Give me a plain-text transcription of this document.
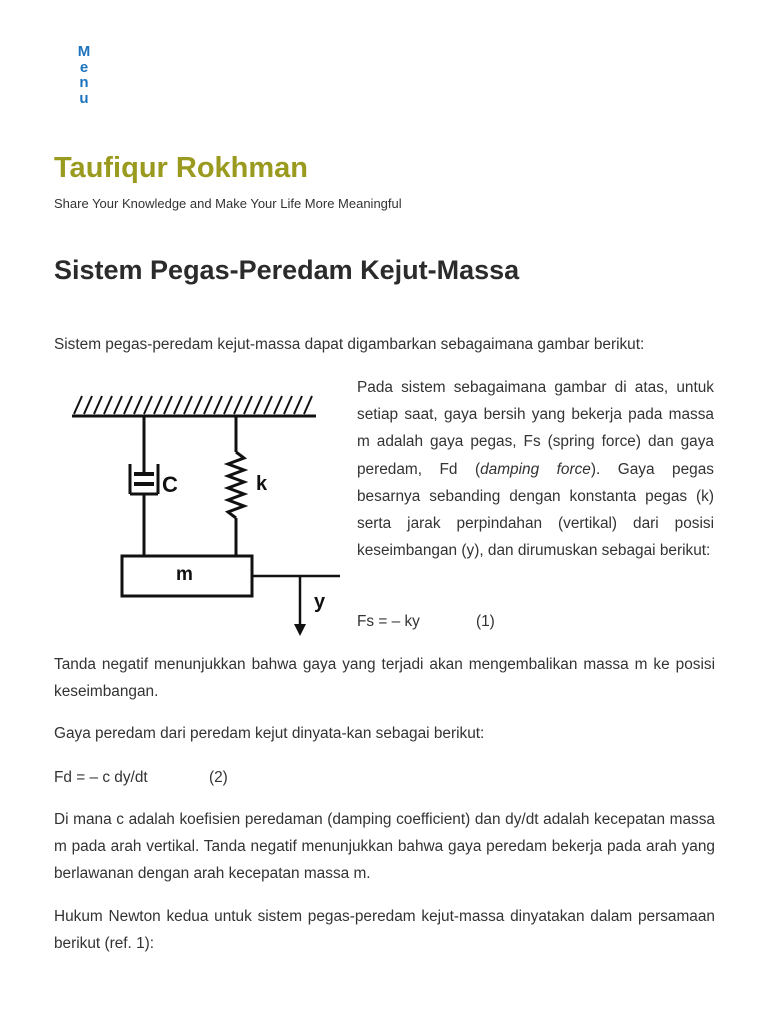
M
e
n
u
Taufiqur Rokhman

Share Your Knowledge and Make Your Life More Meaningful

Sistem Pegas-Peredam Kejut-Massa

Sistem pegas-peredam kejut-massa dapat digambarkan sebagaimana gambar berikut:

C	k
m
y

Pada sistem sebagaimana gambar di atas, untuk setiap saat, gaya bersih yang bekerja pada massa m adalah gaya pegas, Fs (spring force) dan gaya peredam, Fd (damping force). Gaya pegas besarnya sebanding dengan konstanta pegas (k) serta jarak perpindahan (vertikal) dari posisi keseimbangan (y), dan dirumuskan sebagai berikut:

Fs = – ky	(1)

Tanda negatif menunjukkan bahwa gaya yang terjadi akan mengembalikan massa m ke posisi keseimbangan.

Gaya peredam dari peredam kejut dinyata-kan sebagai berikut:

Fd = – c dy/dt	(2)

Di mana c adalah koefisien peredaman (damping coefficient) dan dy/dt adalah kecepatan massa m pada arah vertikal. Tanda negatif menunjukkan bahwa gaya peredam bekerja pada arah yang berlawanan dengan arah kecepatan massa m.

Hukum Newton kedua untuk sistem pegas-peredam kejut-massa dinyatakan dalam persamaan berikut (ref. 1):
